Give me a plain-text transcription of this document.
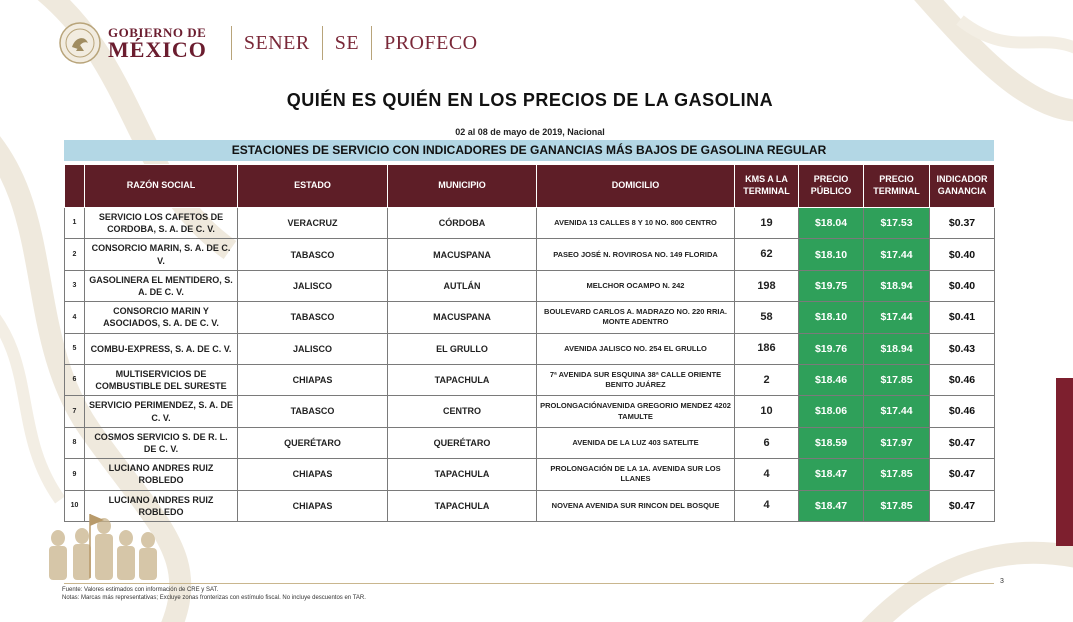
GOBIERNO DE
MÉXICO SENER SE PROFECO
QUIÉN ES QUIÉN EN LOS PRECIOS DE LA GASOLINA
02 al 08 de mayo de 2019, Nacional
ESTACIONES DE SERVICIO CON INDICADORES DE GANANCIAS MÁS BAJOS DE GASOLINA REGULAR
	RAZÓN SOCIAL	ESTADO	MUNICIPIO	DOMICILIO	KMS A LA TERMINAL	PRECIO PÚBLICO	PRECIO TERMINAL	INDICADOR GANANCIA
1	SERVICIO LOS CAFETOS DE CORDOBA, S. A. DE C. V.	VERACRUZ	CÓRDOBA	AVENIDA 13 CALLES 8 Y 10 NO. 800 CENTRO	19	$18.04	$17.53	$0.37
2	CONSORCIO MARIN, S. A. DE C. V.	TABASCO	MACUSPANA	PASEO JOSÉ N. ROVIROSA NO. 149 FLORIDA	62	$18.10	$17.44	$0.40
3	GASOLINERA EL MENTIDERO, S. A. DE C. V.	JALISCO	AUTLÁN	MELCHOR OCAMPO N. 242	198	$19.75	$18.94	$0.40
4	CONSORCIO MARIN Y ASOCIADOS, S. A. DE C. V.	TABASCO	MACUSPANA	BOULEVARD CARLOS A. MADRAZO NO. 220 RRIA. MONTE ADENTRO	58	$18.10	$17.44	$0.41
5	COMBU-EXPRESS, S. A. DE C. V.	JALISCO	EL GRULLO	AVENIDA JALISCO NO. 254 EL GRULLO	186	$19.76	$18.94	$0.43
6	MULTISERVICIOS DE COMBUSTIBLE DEL SURESTE	CHIAPAS	TAPACHULA	7ª AVENIDA SUR ESQUINA 38ª CALLE ORIENTE BENITO JUÁREZ	2	$18.46	$17.85	$0.46
7	SERVICIO PERIMENDEZ, S. A. DE C. V.	TABASCO	CENTRO	PROLONGACIÓNAVENIDA GREGORIO MENDEZ 4202 TAMULTE	10	$18.06	$17.44	$0.46
8	COSMOS SERVICIO S. DE R. L. DE C. V.	QUERÉTARO	QUERÉTARO	AVENIDA DE LA LUZ 403 SATELITE	6	$18.59	$17.97	$0.47
9	LUCIANO ANDRES RUIZ ROBLEDO	CHIAPAS	TAPACHULA	PROLONGACIÓN DE LA 1A. AVENIDA SUR LOS LLANES	4	$18.47	$17.85	$0.47
10	LUCIANO ANDRES RUIZ ROBLEDO	CHIAPAS	TAPACHULA	NOVENA AVENIDA SUR RINCON DEL BOSQUE	4	$18.47	$17.85	$0.47
3
Fuente: Valores estimados con información de CRE y SAT.
Notas: Marcas más representativas; Excluye zonas fronterizas con estímulo fiscal. No incluye descuentos en TAR.
